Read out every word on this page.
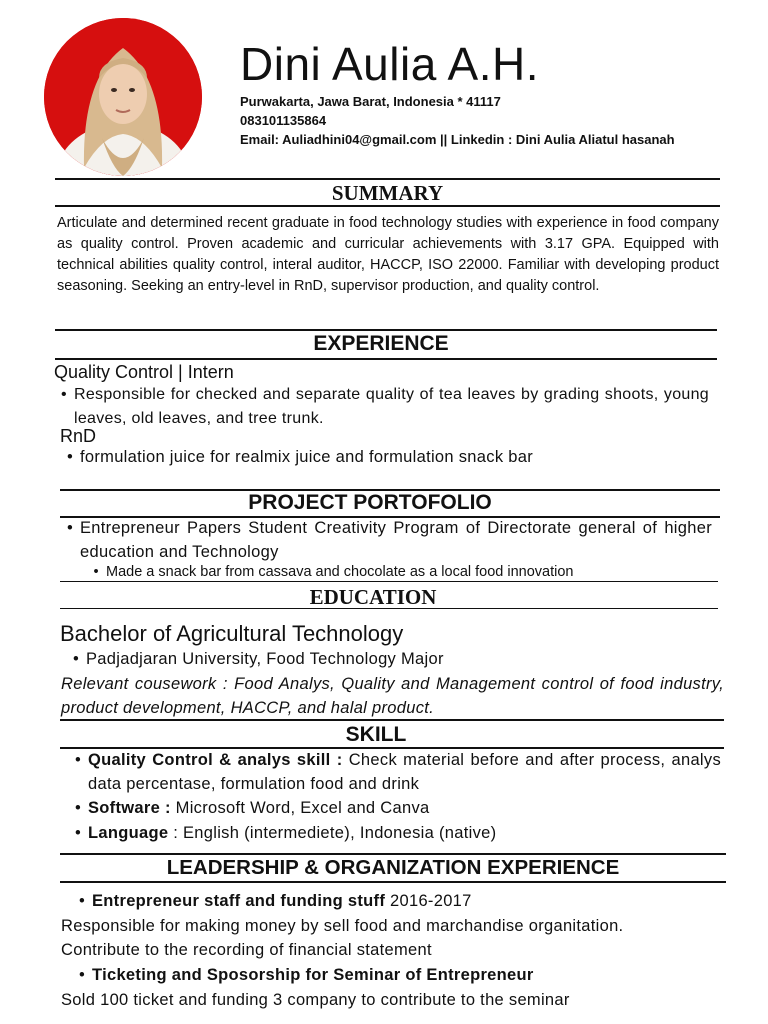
Dini Aulia A.H.
Purwakarta, Jawa Barat, Indonesia * 41117
083101135864
Email: Auliadhini04@gmail.com || Linkedin : Dini Aulia Aliatul hasanah
SUMMARY
Articulate and determined recent graduate in food technology studies with experience in food company as quality control. Proven academic and curricular achievements with 3.17 GPA. Equipped with technical abilities quality control, interal auditor, HACCP, ISO 22000. Familiar with developing product seasoning. Seeking an entry-level in RnD, supervisor production, and quality control.
EXPERIENCE
Quality Control | Intern
• Responsible for checked and separate quality of tea leaves by grading shoots, young leaves, old leaves, and tree trunk.
RnD
• formulation juice for realmix juice and formulation snack bar
PROJECT PORTOFOLIO
• Entrepreneur Papers Student Creativity Program of Directorate general of higher education and Technology
• Made a snack bar from cassava and chocolate as a local food innovation
EDUCATION
Bachelor of Agricultural Technology
• Padjadjaran University, Food Technology Major
Relevant cousework : Food Analys, Quality and Management control of food industry, product development, HACCP, and halal product.
SKILL
• Quality Control & analys skill : Check material before and after process, analys data percentase, formulation food and drink
• Software : Microsoft Word, Excel and Canva
• Language : English (intermediete), Indonesia (native)
LEADERSHIP & ORGANIZATION EXPERIENCE
• Entrepreneur staff and funding stuff 2016-2017
Responsible for making money by sell food and marchandise organitation.
Contribute to the recording of financial statement
• Ticketing and Sposorship for Seminar of Entrepreneur
Sold 100 ticket and funding 3 company to contribute to the seminar
